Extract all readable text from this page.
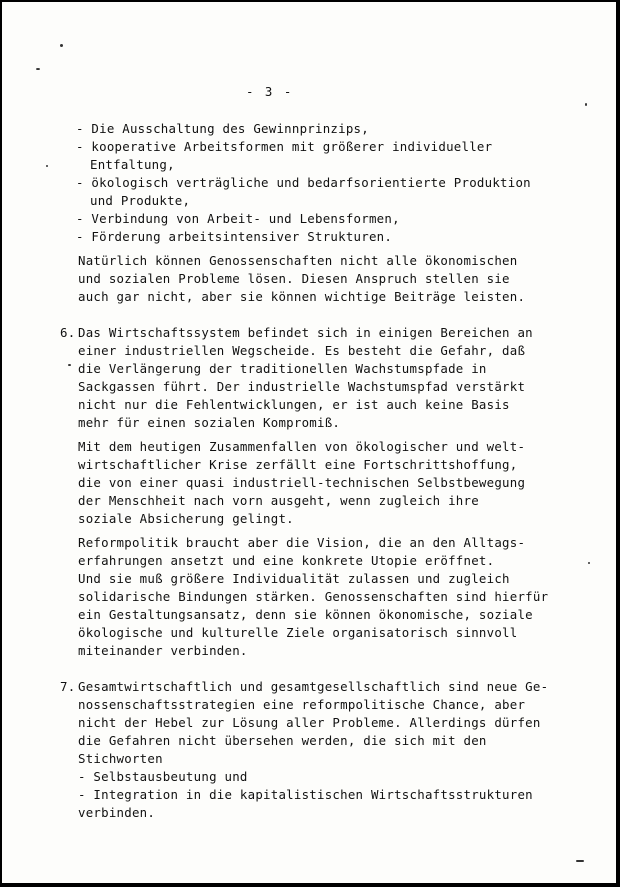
- 3 -
- Die Ausschaltung des Gewinnprinzips,
- kooperative Arbeitsformen mit größerer individueller
Entfaltung,
- ökologisch verträgliche und bedarfsorientierte Produktion
und Produkte,
- Verbindung von Arbeit- und Lebensformen,
- Förderung arbeitsintensiver Strukturen.
Natürlich können Genossenschaften nicht alle ökonomischen
und sozialen Probleme lösen. Diesen Anspruch stellen sie
auch gar nicht, aber sie können wichtige Beiträge leisten.
6. Das Wirtschaftssystem befindet sich in einigen Bereichen an
einer industriellen Wegscheide. Es besteht die Gefahr, daß
die Verlängerung der traditionellen Wachstumspfade in
Sackgassen führt. Der industrielle Wachstumspfad verstärkt
nicht nur die Fehlentwicklungen, er ist auch keine Basis
mehr für einen sozialen Kompromiß.
Mit dem heutigen Zusammenfallen von ökologischer und welt-
wirtschaftlicher Krise zerfällt eine Fortschrittshoffung,
die von einer quasi industriell-technischen Selbstbewegung
der Menschheit nach vorn ausgeht, wenn zugleich ihre
soziale Absicherung gelingt.
Reformpolitik braucht aber die Vision, die an den Alltags-
erfahrungen ansetzt und eine konkrete Utopie eröffnet.
Und sie muß größere Individualität zulassen und zugleich
solidarische Bindungen stärken. Genossenschaften sind hierfür
ein Gestaltungsansatz, denn sie können ökonomische, soziale
ökologische und kulturelle Ziele organisatorisch sinnvoll
miteinander verbinden.
7. Gesamtwirtschaftlich und gesamtgesellschaftlich sind neue Ge-
nossenschaftsstrategien eine reformpolitische Chance, aber
nicht der Hebel zur Lösung aller Probleme. Allerdings dürfen
die Gefahren nicht übersehen werden, die sich mit den
Stichworten
- Selbstausbeutung und
- Integration in die kapitalistischen Wirtschaftsstrukturen
verbinden.
